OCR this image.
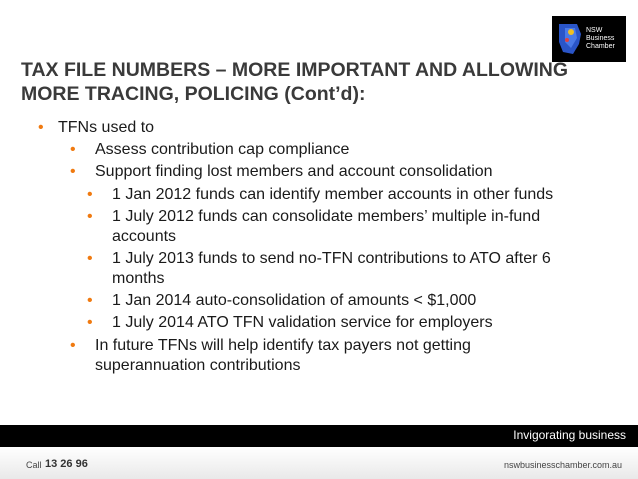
NSW
Business
Chamber
TAX FILE NUMBERS – MORE IMPORTANT AND ALLOWING MORE TRACING, POLICING (Cont’d):
• TFNs used to
• Assess contribution cap compliance
• Support finding lost members and account consolidation
• 1 Jan 2012 funds can identify member accounts in other funds
• 1 July 2012 funds can consolidate members’ multiple in-fund
accounts
• 1 July 2013 funds to send no-TFN contributions to ATO after 6
months
• 1 Jan 2014 auto-consolidation of amounts < $1,000
• 1 July 2014 ATO TFN validation service for employers
• In future TFNs will help identify tax payers not getting
superannuation contributions
Invigorating business
Call 13 26 96	nswbusinesschamber.com.au
